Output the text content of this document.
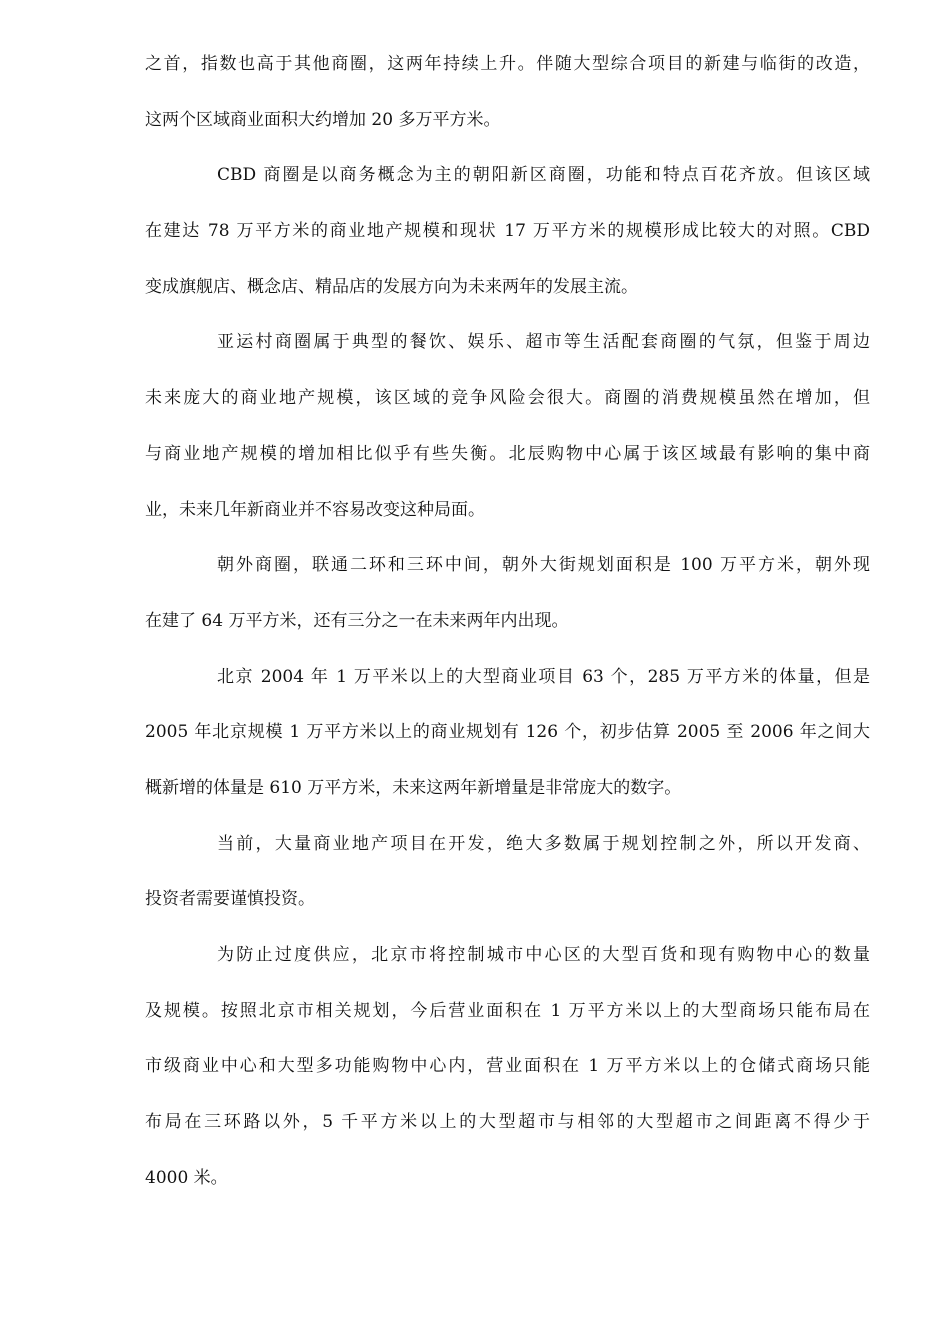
之首，指数也高于其他商圈，这两年持续上升。伴随大型综合项目的新建与临街的改造，
这两个区域商业面积大约增加 20 多万平方米。
CBD 商圈是以商务概念为主的朝阳新区商圈，功能和特点百花齐放。但该区域
在建达 78 万平方米的商业地产规模和现状 17 万平方米的规模形成比较大的对照。CBD
变成旗舰店、概念店、精品店的发展方向为未来两年的发展主流。
亚运村商圈属于典型的餐饮、娱乐、超市等生活配套商圈的气氛，但鉴于周边
未来庞大的商业地产规模，该区域的竞争风险会很大。商圈的消费规模虽然在增加，但
与商业地产规模的增加相比似乎有些失衡。北辰购物中心属于该区域最有影响的集中商
业，未来几年新商业并不容易改变这种局面。
朝外商圈，联通二环和三环中间，朝外大街规划面积是 100 万平方米，朝外现
在建了 64 万平方米，还有三分之一在未来两年内出现。
北京 2004 年 1 万平米以上的大型商业项目 63 个，285 万平方米的体量，但是
2005 年北京规模 1 万平方米以上的商业规划有 126 个，初步估算 2005 至 2006 年之间大
概新增的体量是 610 万平方米，未来这两年新增量是非常庞大的数字。
当前，大量商业地产项目在开发，绝大多数属于规划控制之外，所以开发商、
投资者需要谨慎投资。
为防止过度供应，北京市将控制城市中心区的大型百货和现有购物中心的数量
及规模。按照北京市相关规划，今后营业面积在 1 万平方米以上的大型商场只能布局在
市级商业中心和大型多功能购物中心内，营业面积在 1 万平方米以上的仓储式商场只能
布局在三环路以外，5 千平方米以上的大型超市与相邻的大型超市之间距离不得少于
4000 米。
